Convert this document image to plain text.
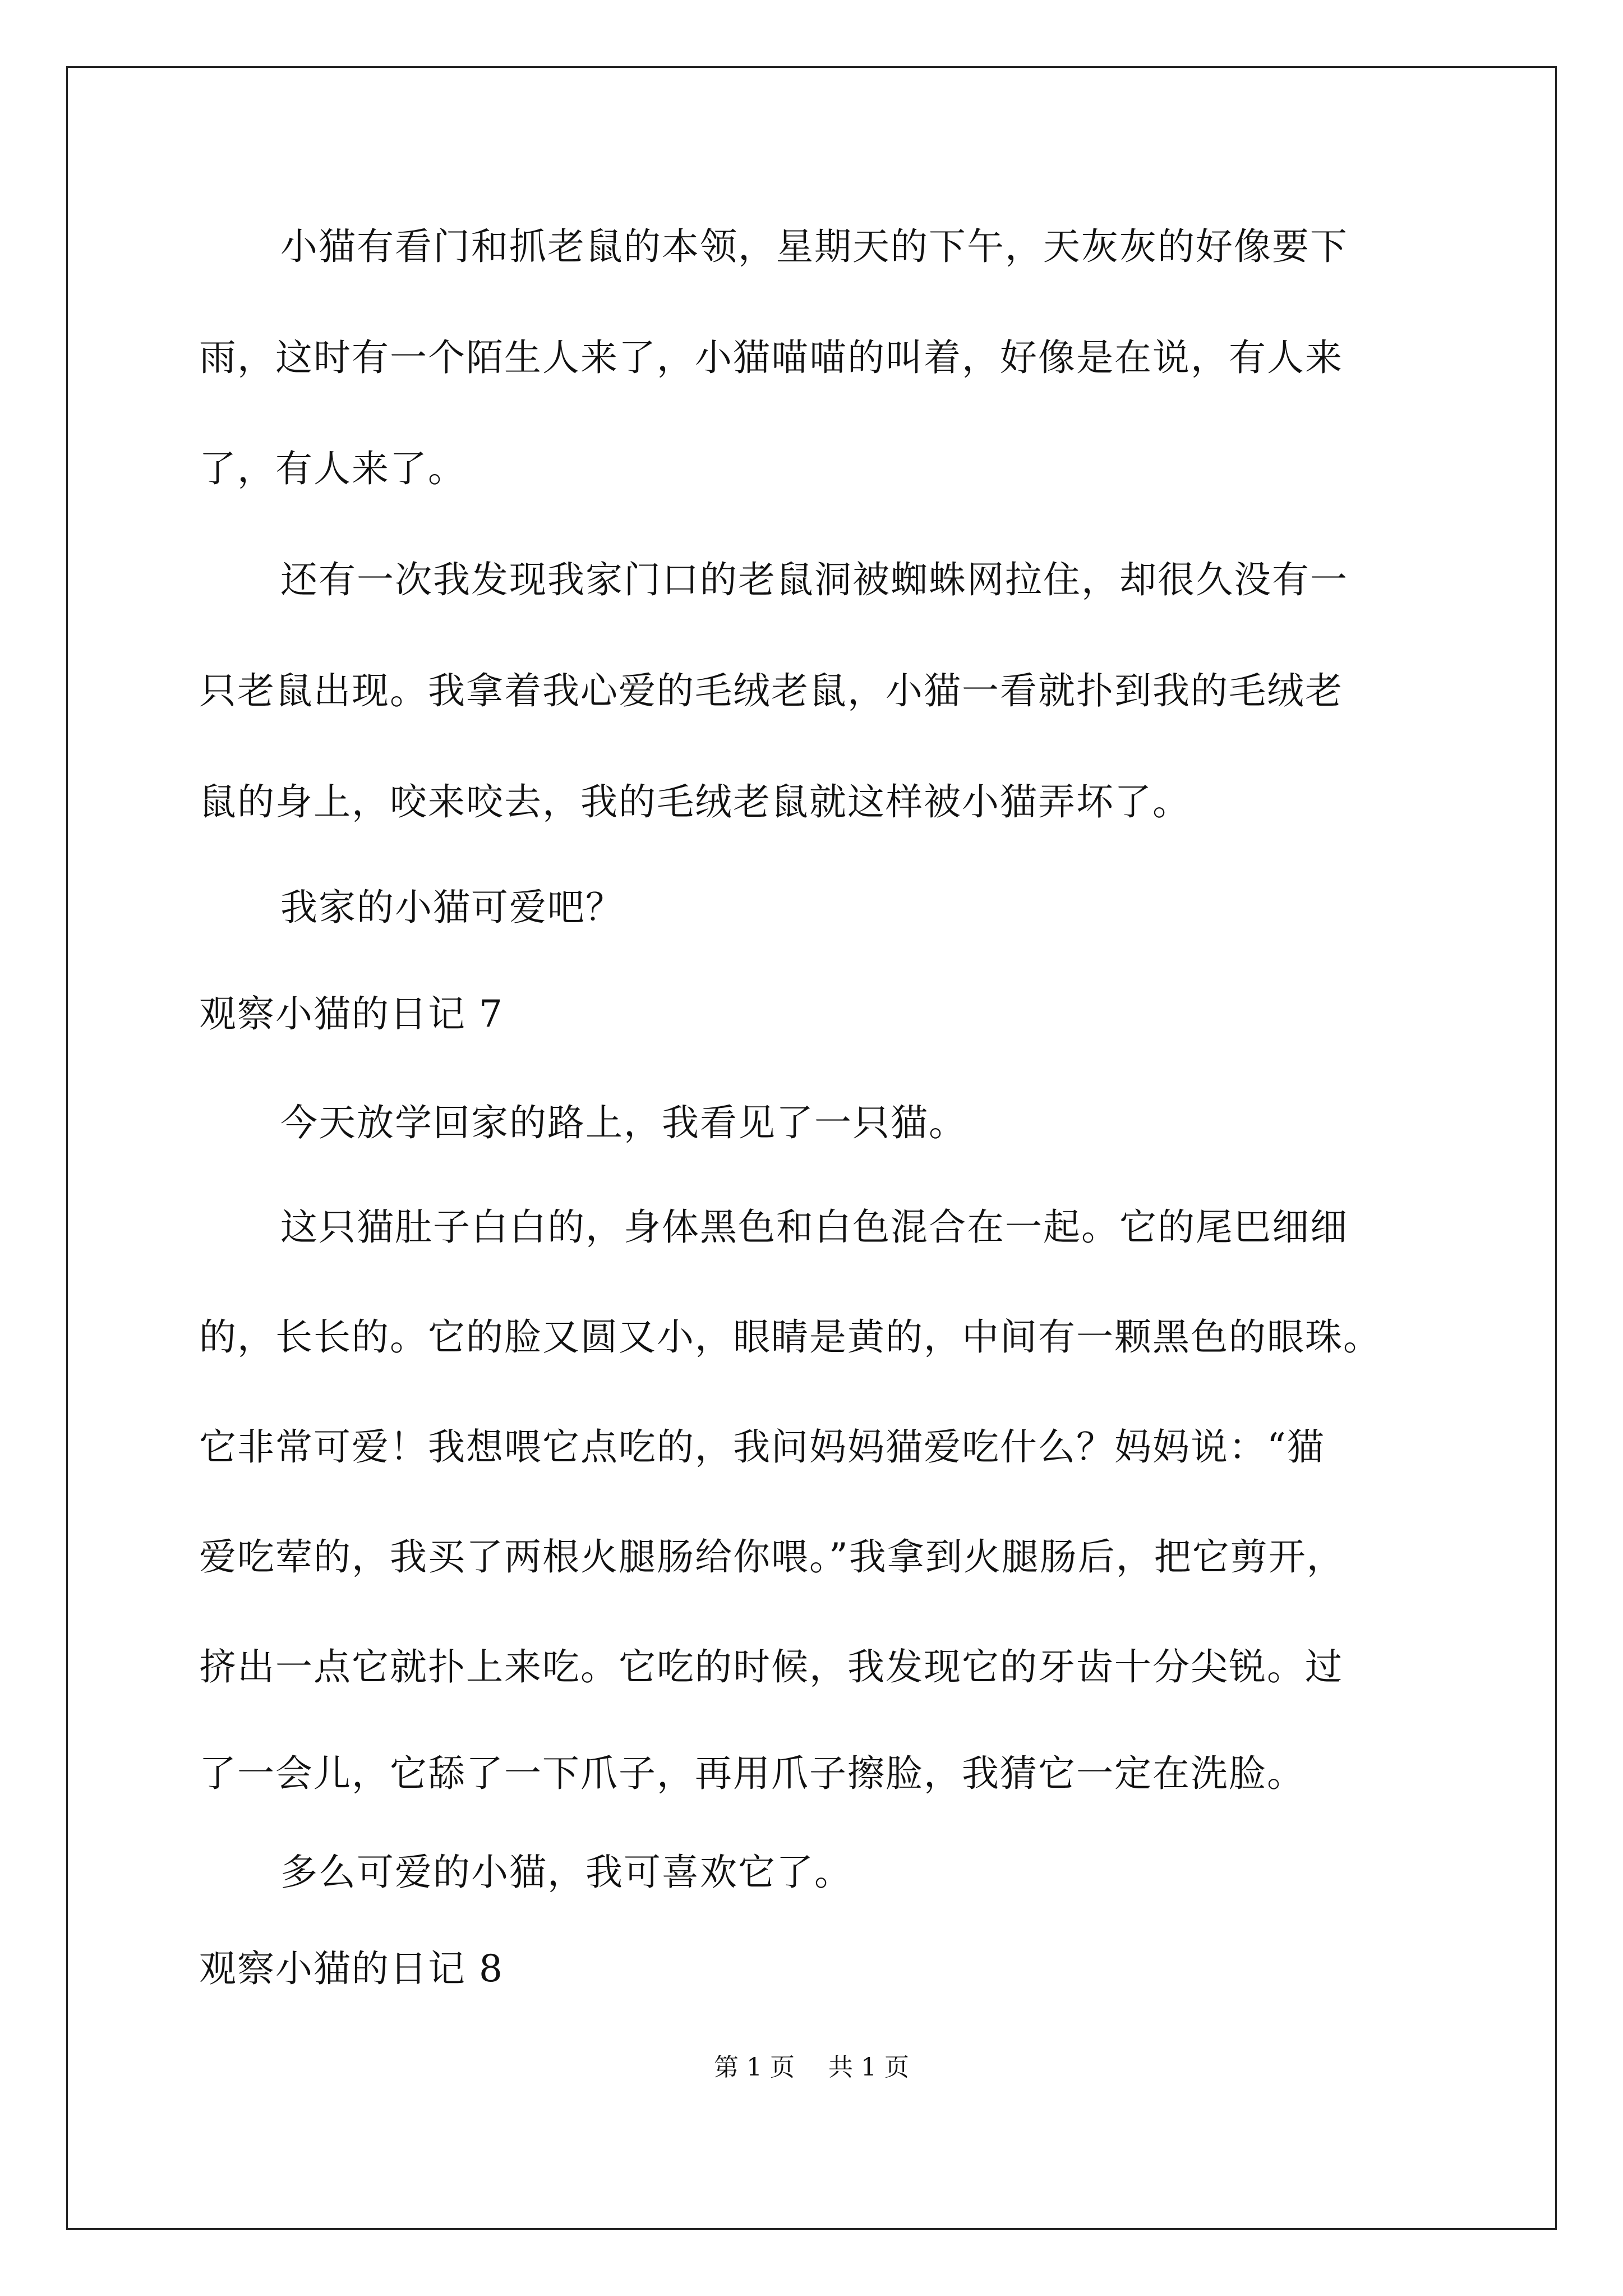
小猫有看门和抓老鼠的本领，星期天的下午，天灰灰的好像要下
雨，这时有一个陌生人来了，小猫喵喵的叫着，好像是在说，有人来
了，有人来了。
还有一次我发现我家门口的老鼠洞被蜘蛛网拉住，却很久没有一
只老鼠出现。我拿着我心爱的毛绒老鼠，小猫一看就扑到我的毛绒老
鼠的身上，咬来咬去，我的毛绒老鼠就这样被小猫弄坏了。
我家的小猫可爱吧？
观察小猫的日记 7
今天放学回家的路上，我看见了一只猫。
这只猫肚子白白的，身体黑色和白色混合在一起。它的尾巴细细
的，长长的。它的脸又圆又小，眼睛是黄的，中间有一颗黑色的眼珠。
它非常可爱！我想喂它点吃的，我问妈妈猫爱吃什么？妈妈说：“猫
爱吃荤的，我买了两根火腿肠给你喂。”我拿到火腿肠后，把它剪开，
挤出一点它就扑上来吃。它吃的时候，我发现它的牙齿十分尖锐。过
了一会儿，它舔了一下爪子，再用爪子擦脸，我猜它一定在洗脸。
多么可爱的小猫，我可喜欢它了。
观察小猫的日记 8
第 1 页 共 1 页
